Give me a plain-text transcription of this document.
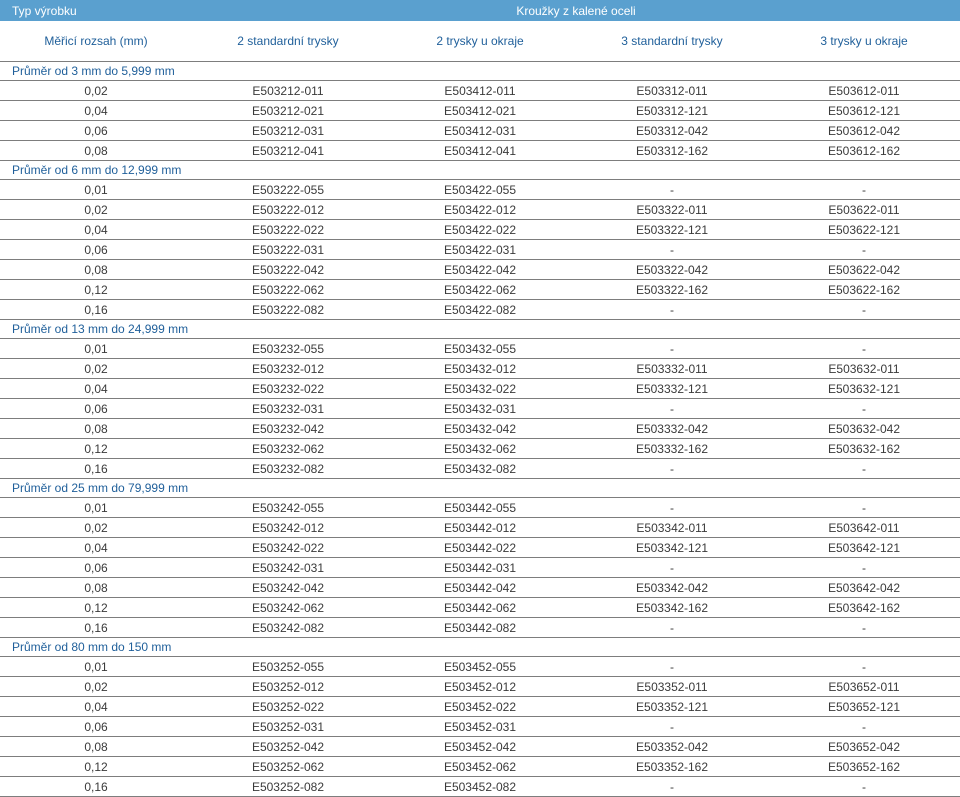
Typ výrobku	Kroužky z kalené oceli			
Měřicí rozsah (mm)	2 standardní trysky	2 trysky u okraje	3 standardní trysky	3 trysky u okraje
Průměr od 3 mm do 5,999 mm				
0,02	E503212-011	E503412-011	E503312-011	E503612-011
0,04	E503212-021	E503412-021	E503312-121	E503612-121
0,06	E503212-031	E503412-031	E503312-042	E503612-042
0,08	E503212-041	E503412-041	E503312-162	E503612-162
Průměr od 6 mm do 12,999 mm				
0,01	E503222-055	E503422-055	-	-
0,02	E503222-012	E503422-012	E503322-011	E503622-011
0,04	E503222-022	E503422-022	E503322-121	E503622-121
0,06	E503222-031	E503422-031	-	-
0,08	E503222-042	E503422-042	E503322-042	E503622-042
0,12	E503222-062	E503422-062	E503322-162	E503622-162
0,16	E503222-082	E503422-082	-	-
Průměr od 13 mm do 24,999 mm				
0,01	E503232-055	E503432-055	-	-
0,02	E503232-012	E503432-012	E503332-011	E503632-011
0,04	E503232-022	E503432-022	E503332-121	E503632-121
0,06	E503232-031	E503432-031	-	-
0,08	E503232-042	E503432-042	E503332-042	E503632-042
0,12	E503232-062	E503432-062	E503332-162	E503632-162
0,16	E503232-082	E503432-082	-	-
Průměr od 25 mm do 79,999 mm				
0,01	E503242-055	E503442-055	-	-
0,02	E503242-012	E503442-012	E503342-011	E503642-011
0,04	E503242-022	E503442-022	E503342-121	E503642-121
0,06	E503242-031	E503442-031	-	-
0,08	E503242-042	E503442-042	E503342-042	E503642-042
0,12	E503242-062	E503442-062	E503342-162	E503642-162
0,16	E503242-082	E503442-082	-	-
Průměr od 80 mm do 150 mm				
0,01	E503252-055	E503452-055	-	-
0,02	E503252-012	E503452-012	E503352-011	E503652-011
0,04	E503252-022	E503452-022	E503352-121	E503652-121
0,06	E503252-031	E503452-031	-	-
0,08	E503252-042	E503452-042	E503352-042	E503652-042
0,12	E503252-062	E503452-062	E503352-162	E503652-162
0,16	E503252-082	E503452-082	-	-
